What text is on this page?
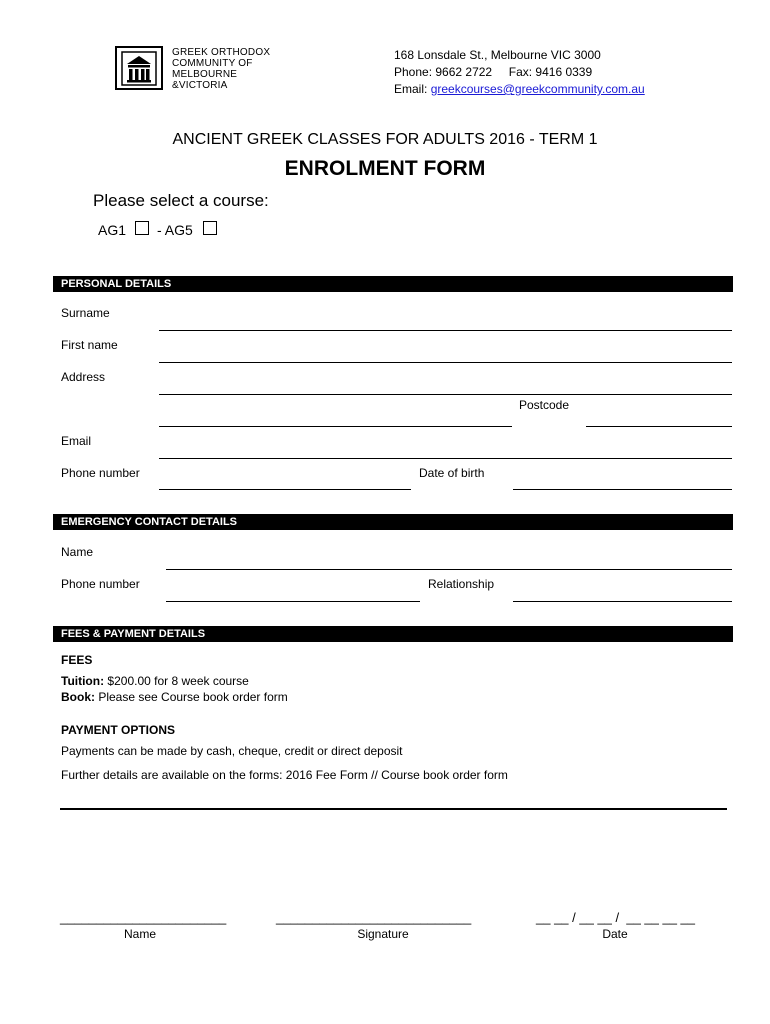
GREEK ORTHODOX
COMMUNITY OF
MELBOURNE
&VICTORIA
168 Lonsdale St., Melbourne VIC 3000
Phone: 9662 2722     Fax: 9416 0339
Email: greekcourses@greekcommunity.com.au
ANCIENT GREEK CLASSES FOR ADULTS 2016 - TERM 1
ENROLMENT FORM
Please select a course:
AG1 - AG5
PERSONAL DETAILS
Surname
First name
Address
Postcode
Email
Phone number	Date of birth
EMERGENCY CONTACT DETAILS
Name
Phone number	Relationship
FEES & PAYMENT DETAILS
FEES
Tuition: $200.00 for 8 week course
Book: Please see Course book order form
PAYMENT OPTIONS
Payments can be made by cash, cheque, credit or direct deposit
Further details are available on the forms: 2016 Fee Form // Course book order form
_______________________	___________________________	__ __ / __ __ /  __ __ __ __
Name	Signature	Date
